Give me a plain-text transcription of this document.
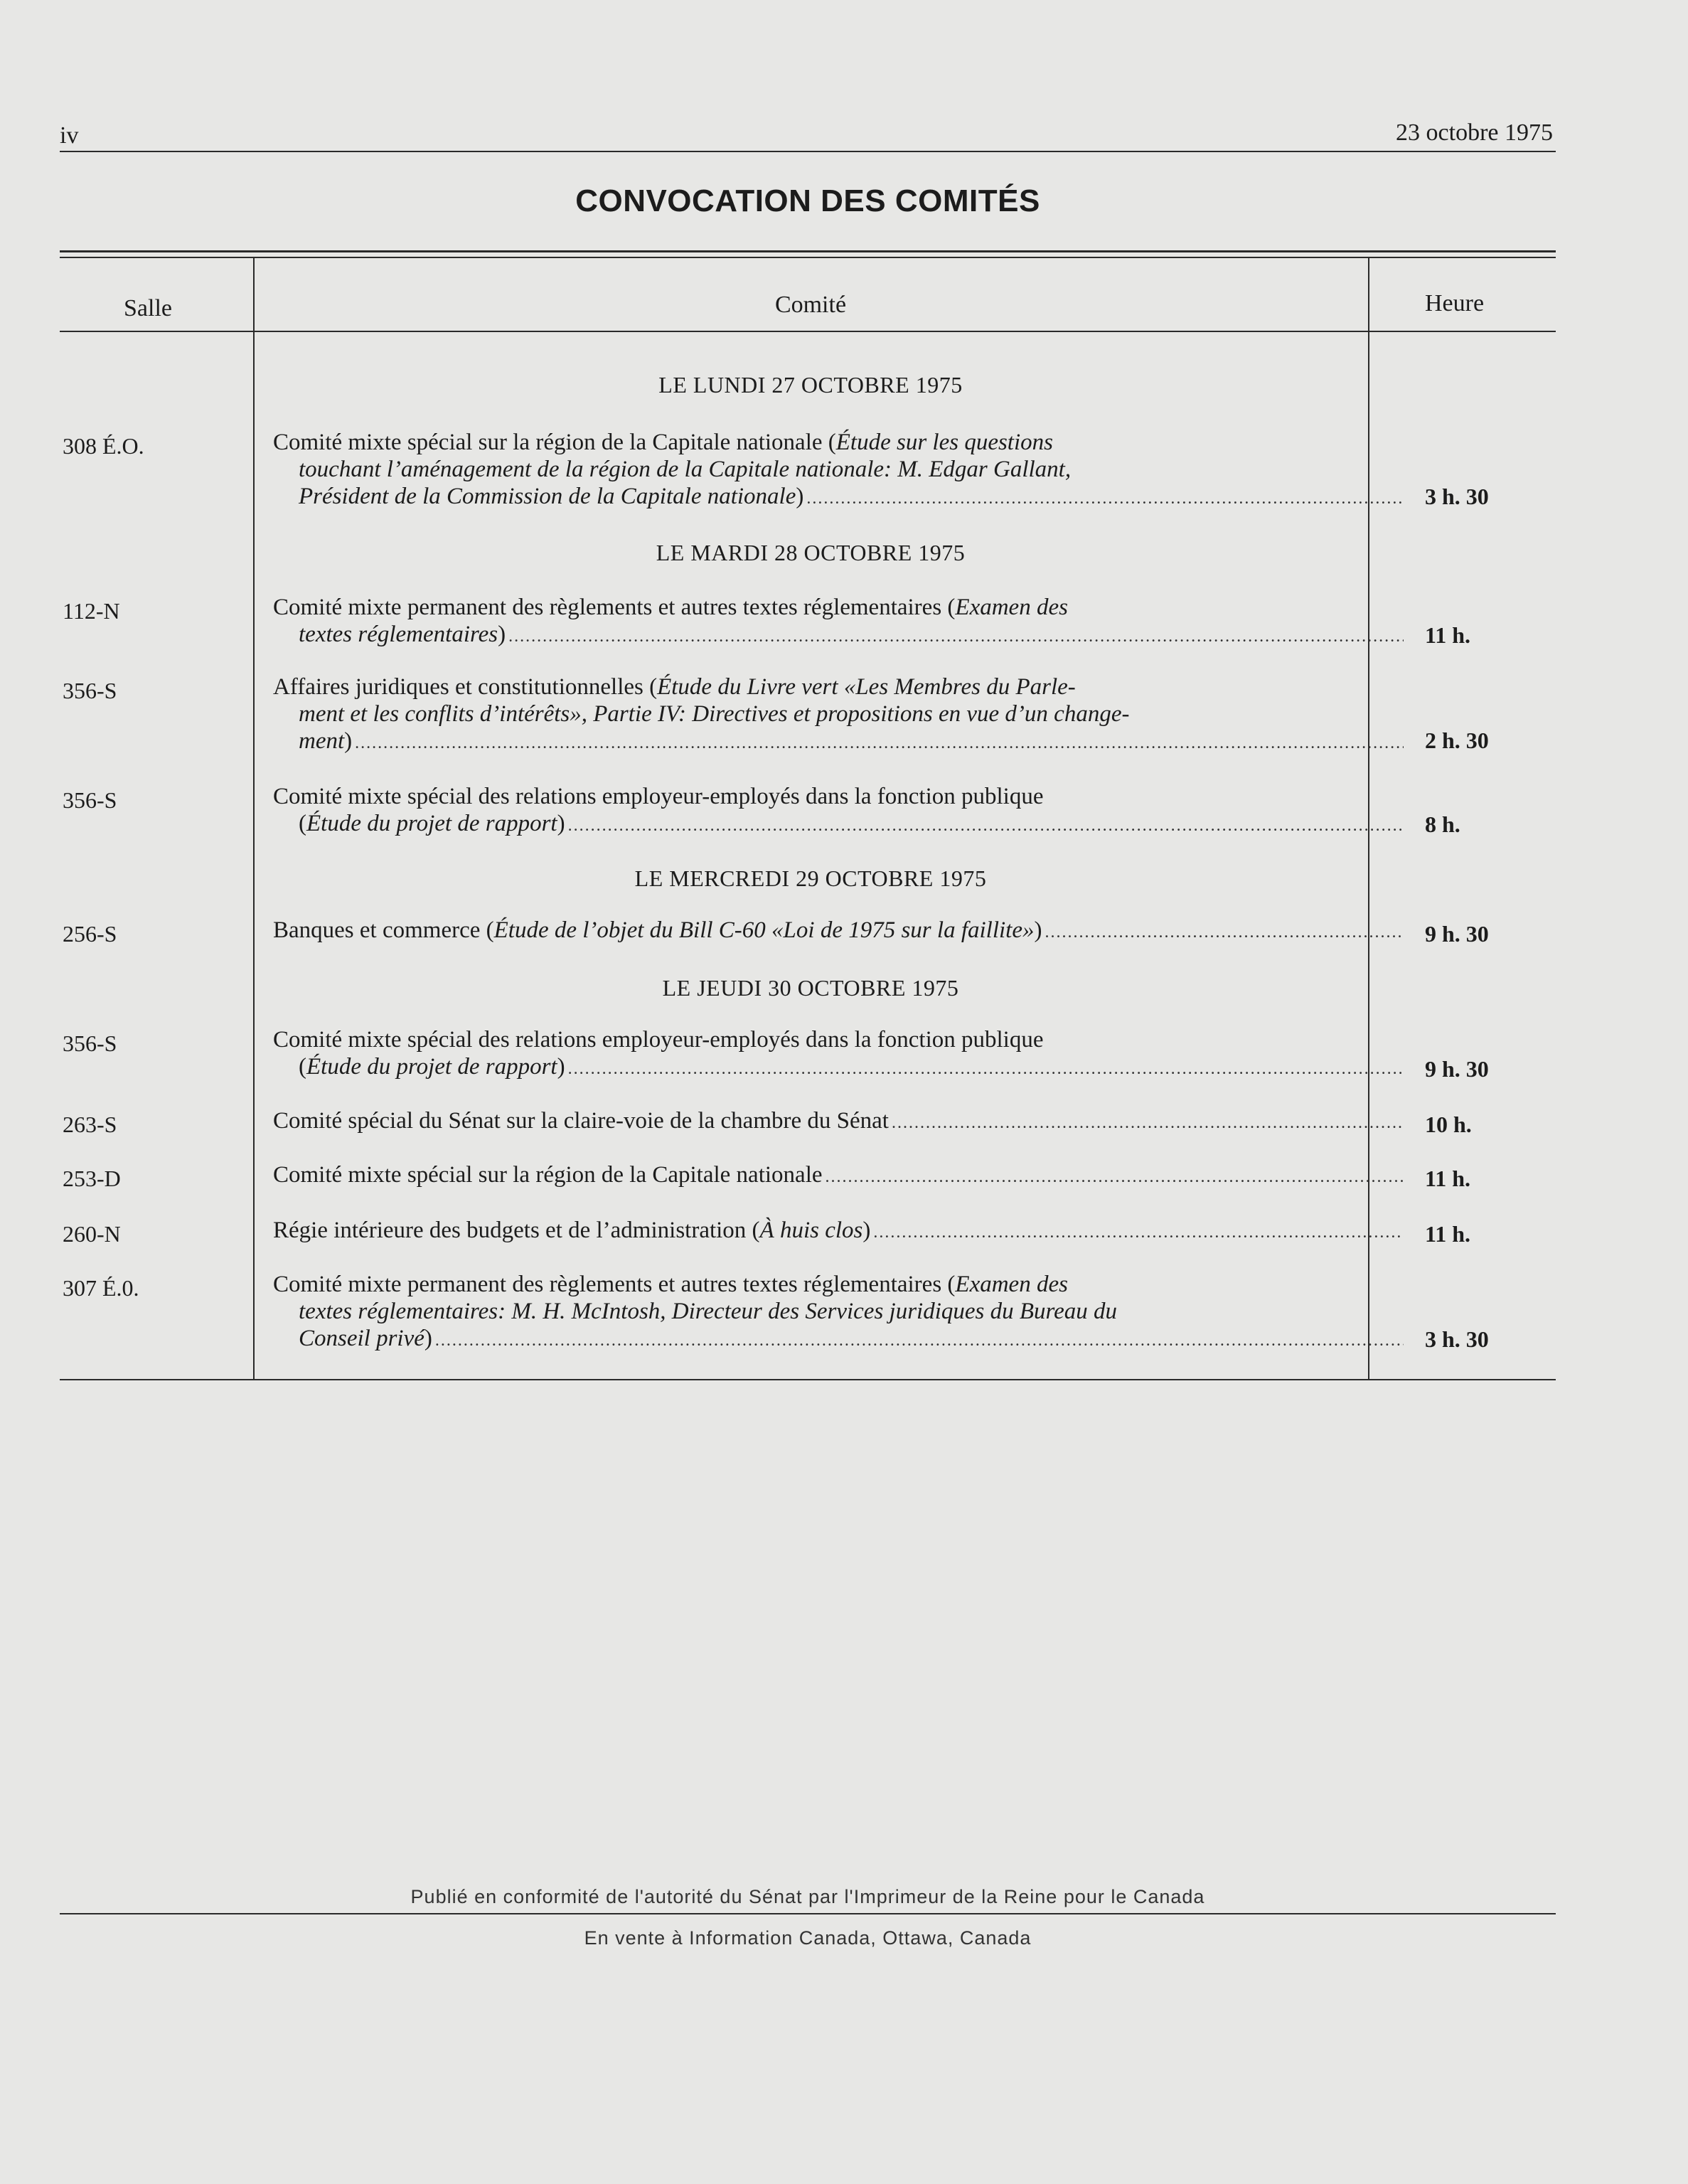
iv	23 octobre 1975
CONVOCATION DES COMITÉS
Salle	Comité	Heure
LE LUNDI 27 OCTOBRE 1975
308 É.O.	Comité mixte spécial sur la région de la Capitale nationale (Étude sur les questions
touchant l’aménagement de la région de la Capitale nationale: M. Edgar Gallant,
Président de la Commission de la Capitale nationale) .....	3 h. 30
LE MARDI 28 OCTOBRE 1975
112-N	Comité mixte permanent des règlements et autres textes réglementaires (Examen des
textes réglementaires) .....	11 h.
356-S	Affaires juridiques et constitutionnelles (Étude du Livre vert «Les Membres du Parle-
ment et les conflits d’intérêts», Partie IV: Directives et propositions en vue d’un change-
ment) .....	2 h. 30
356-S	Comité mixte spécial des relations employeur-employés dans la fonction publique
(Étude du projet de rapport) .....	8 h.
LE MERCREDI 29 OCTOBRE 1975
256-S	Banques et commerce (Étude de l’objet du Bill C-60 «Loi de 1975 sur la faillite») .....	9 h. 30
LE JEUDI 30 OCTOBRE 1975
356-S	Comité mixte spécial des relations employeur-employés dans la fonction publique
(Étude du projet de rapport) .....	9 h. 30
263-S	Comité spécial du Sénat sur la claire-voie de la chambre du Sénat .....	10 h.
253-D	Comité mixte spécial sur la région de la Capitale nationale .....	11 h.
260-N	Régie intérieure des budgets et de l’administration (À huis clos) .....	11 h.
307 É.0.	Comité mixte permanent des règlements et autres textes réglementaires (Examen des
textes réglementaires: M. H. McIntosh, Directeur des Services juridiques du Bureau du
Conseil privé) .....	3 h. 30
Publié en conformité de l'autorité du Sénat par l'Imprimeur de la Reine pour le Canada
En vente à Information Canada, Ottawa, Canada
